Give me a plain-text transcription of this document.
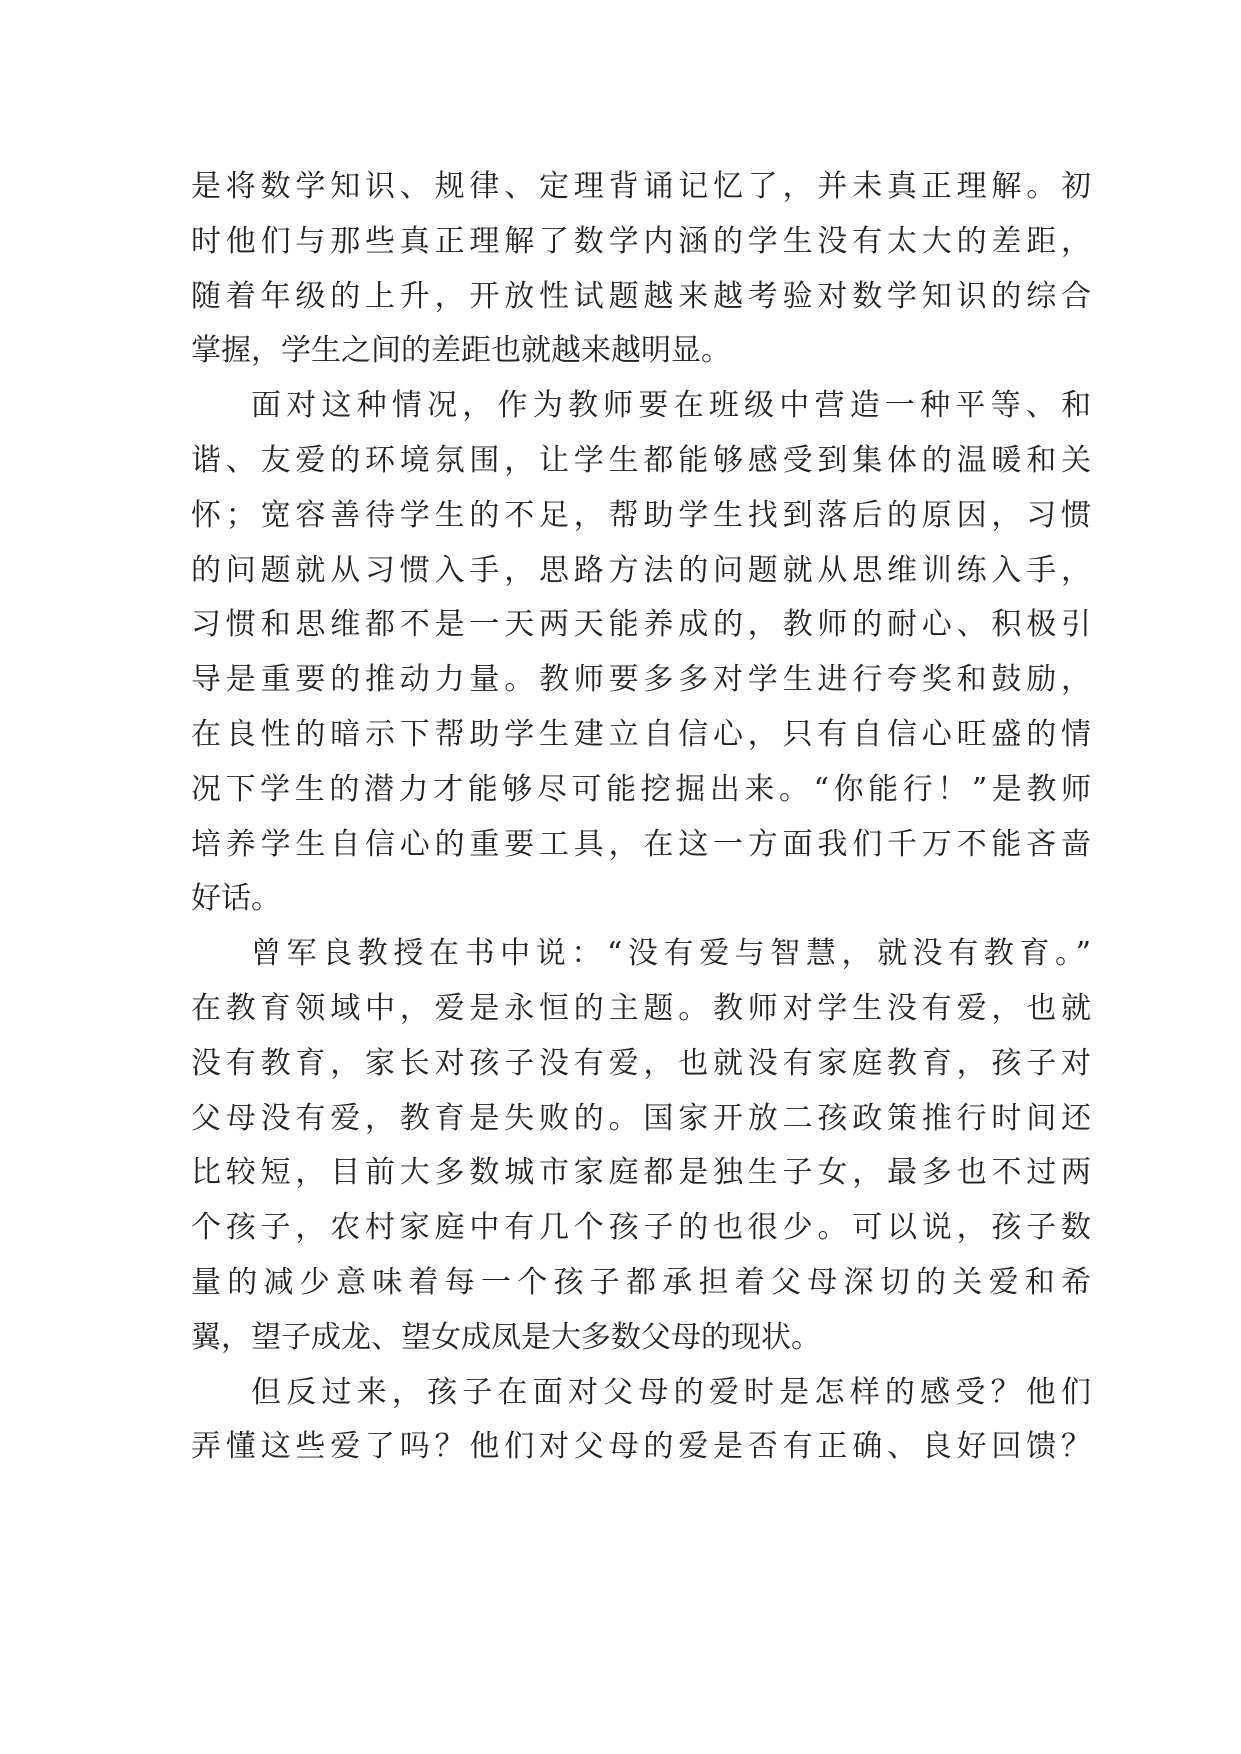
是将数学知识、规律、定理背诵记忆了，并未真正理解。初
时他们与那些真正理解了数学内涵的学生没有太大的差距，
随着年级的上升，开放性试题越来越考验对数学知识的综合
掌握，学生之间的差距也就越来越明显。
面对这种情况，作为教师要在班级中营造一种平等、和
谐、友爱的环境氛围，让学生都能够感受到集体的温暖和关
怀；宽容善待学生的不足，帮助学生找到落后的原因，习惯
的问题就从习惯入手，思路方法的问题就从思维训练入手，
习惯和思维都不是一天两天能养成的，教师的耐心、积极引
导是重要的推动力量。教师要多多对学生进行夸奖和鼓励，
在良性的暗示下帮助学生建立自信心，只有自信心旺盛的情
况下学生的潜力才能够尽可能挖掘出来。“你能行！”是教师
培养学生自信心的重要工具，在这一方面我们千万不能吝啬
好话。
曾军良教授在书中说：“没有爱与智慧，就没有教育。”
在教育领域中，爱是永恒的主题。教师对学生没有爱，也就
没有教育，家长对孩子没有爱，也就没有家庭教育，孩子对
父母没有爱，教育是失败的。国家开放二孩政策推行时间还
比较短，目前大多数城市家庭都是独生子女，最多也不过两
个孩子，农村家庭中有几个孩子的也很少。可以说，孩子数
量的减少意味着每一个孩子都承担着父母深切的关爱和希
翼，望子成龙、望女成凤是大多数父母的现状。
但反过来，孩子在面对父母的爱时是怎样的感受？他们
弄懂这些爱了吗？他们对父母的爱是否有正确、良好回馈？
